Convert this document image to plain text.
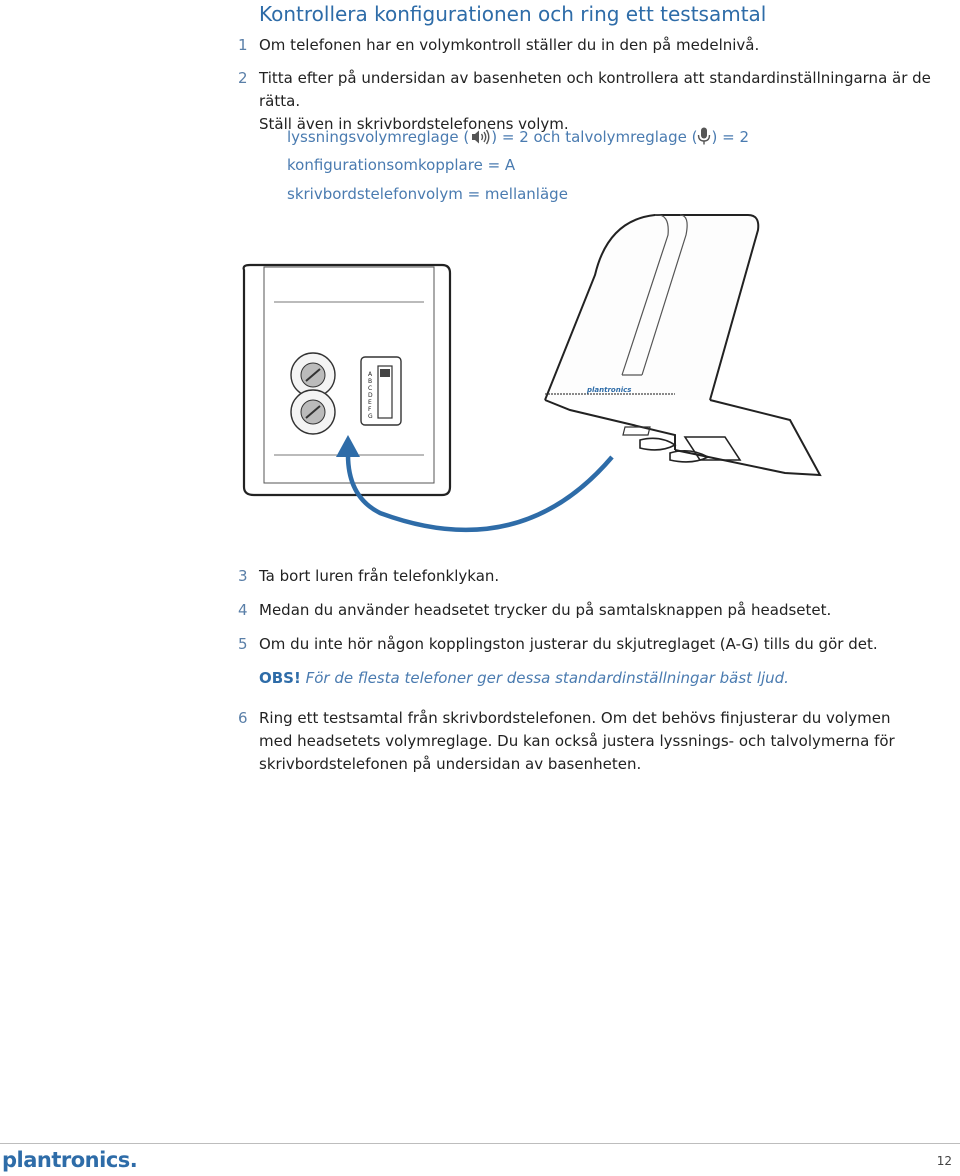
Kontrollera konfigurationen och ring ett testsamtal
1 Om telefonen har en volymkontroll ställer du in den på medelnivå.
2 Titta efter på undersidan av basenheten och kontrollera att standardinställningarna är de rätta.
Ställ även in skrivbordstelefonens volym.
lyssningsvolymreglage ( ) = 2 och talvolymreglage ( ) = 2
konfigurationsomkopplare = A
skrivbordstelefonvolym = mellanläge
A
B
C
D
E
F
G
plantronics
3 Ta bort luren från telefonklykan.
4 Medan du använder headsetet trycker du på samtalsknappen på headsetet.
5 Om du inte hör någon kopplingston justerar du skjutreglaget (A-G) tills du gör det.
OBS! För de flesta telefoner ger dessa standardinställningar bäst ljud.
6 Ring ett testsamtal från skrivbordstelefonen. Om det behövs finjusterar du volymen
med headsetets volymreglage. Du kan också justera lyssnings- och talvolymerna för
skrivbordstelefonen på undersidan av basenheten.
plantronics.	12
